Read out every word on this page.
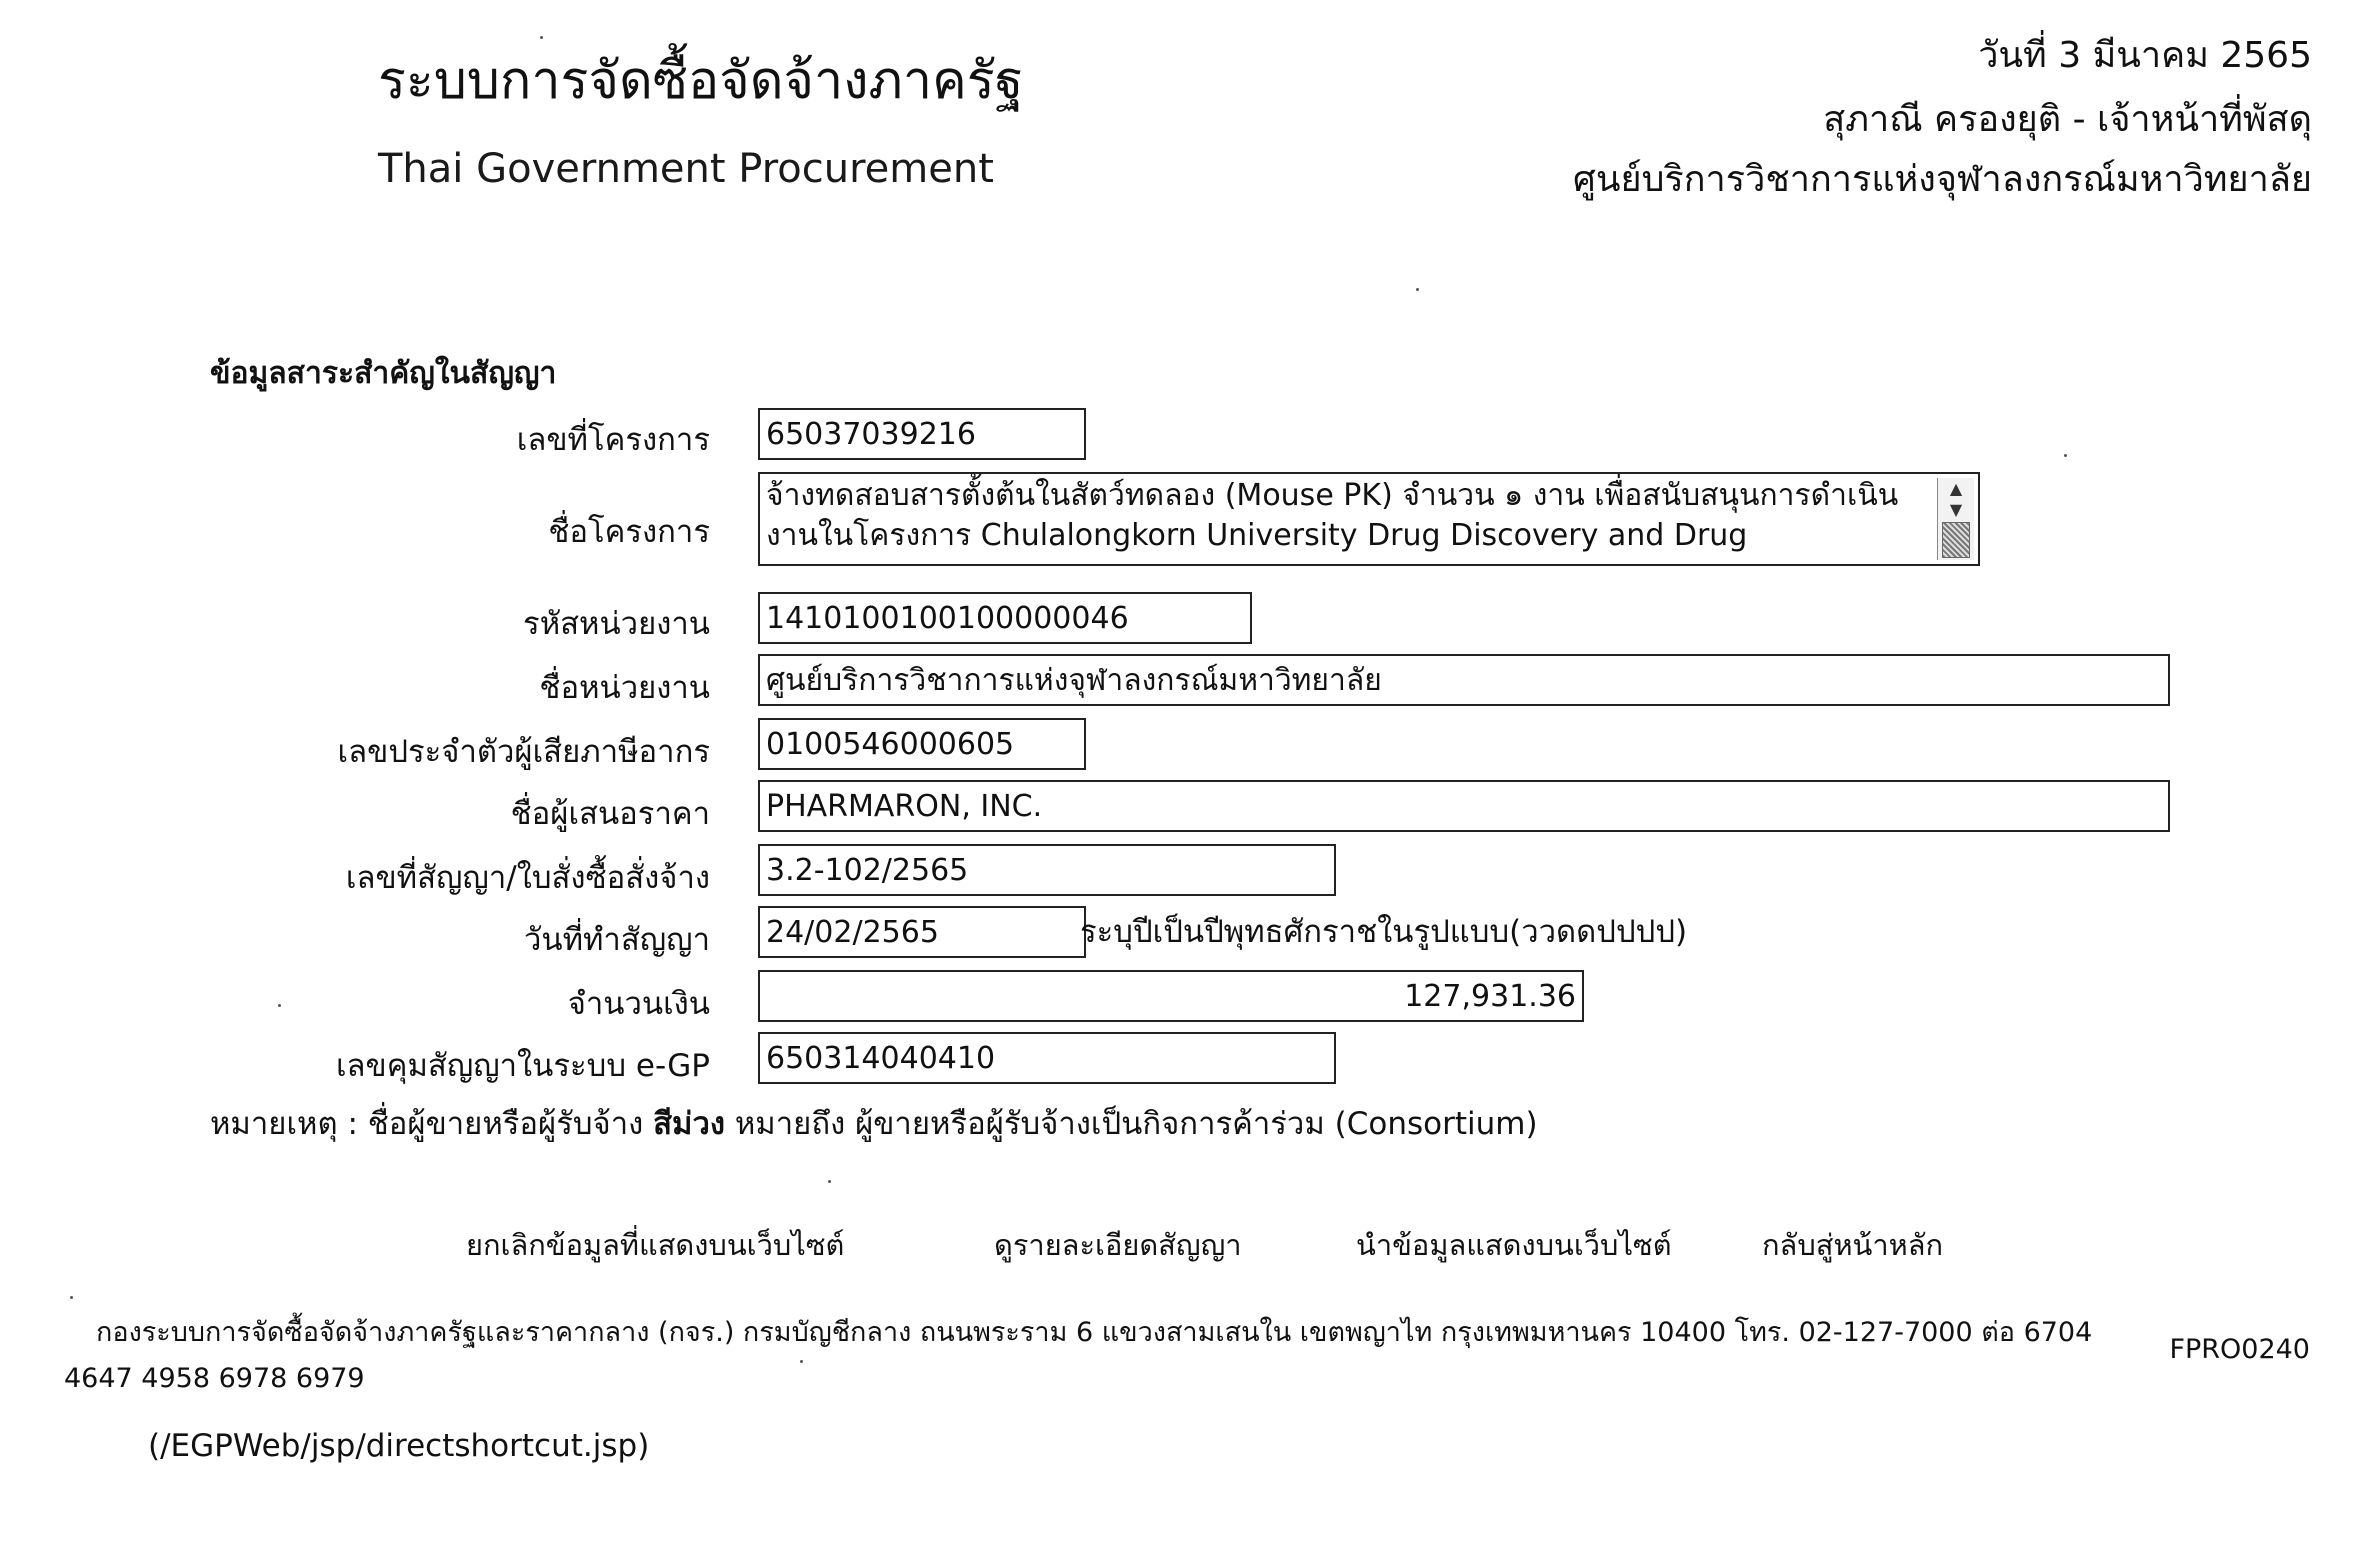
ระบบการจัดซื้อจัดจ้างภาครัฐ
Thai Government Procurement
วันที่ 3 มีนาคม 2565
สุภาณี ครองยุติ - เจ้าหน้าที่พัสดุ
ศูนย์บริการวิชาการแห่งจุฬาลงกรณ์มหาวิทยาลัย
ข้อมูลสาระสำคัญในสัญญา
เลขที่โครงการ 65037039216
ชื่อโครงการ
จ้างทดสอบสารตั้งต้นในสัตว์ทดลอง (Mouse PK) จำนวน ๑ งาน เพื่อสนับสนุนการดำเนินงานในโครงการ Chulalongkorn University Drug Discovery and Drug
▲
▼
รหัสหน่วยงาน 1410100100100000046
ชื่อหน่วยงาน ศูนย์บริการวิชาการแห่งจุฬาลงกรณ์มหาวิทยาลัย
เลขประจำตัวผู้เสียภาษีอากร 0100546000605
ชื่อผู้เสนอราคา PHARMARON, INC.
เลขที่สัญญา/ใบสั่งซื้อสั่งจ้าง 3.2-102/2565
วันที่ทำสัญญา 24/02/2565	ระบุปีเป็นปีพุทธศักราชในรูปแบบ(ววดดปปปป)
จำนวนเงิน	127,931.36
เลขคุมสัญญาในระบบ e-GP 650314040410
หมายเหตุ : ชื่อผู้ขายหรือผู้รับจ้าง สีม่วง หมายถึง ผู้ขายหรือผู้รับจ้างเป็นกิจการค้าร่วม (Consortium)
ยกเลิกข้อมูลที่แสดงบนเว็บไซต์	ดูรายละเอียดสัญญา	นำข้อมูลแสดงบนเว็บไซต์	กลับสู่หน้าหลัก
กองระบบการจัดซื้อจัดจ้างภาครัฐและราคากลาง (กจร.) กรมบัญชีกลาง ถนนพระราม 6 แขวงสามเสนใน เขตพญาไท กรุงเทพมหานคร 10400 โทร. 02-127-7000 ต่อ 6704 4647 4958 6978 6979
FPRO0240
(/EGPWeb/jsp/directshortcut.jsp)
